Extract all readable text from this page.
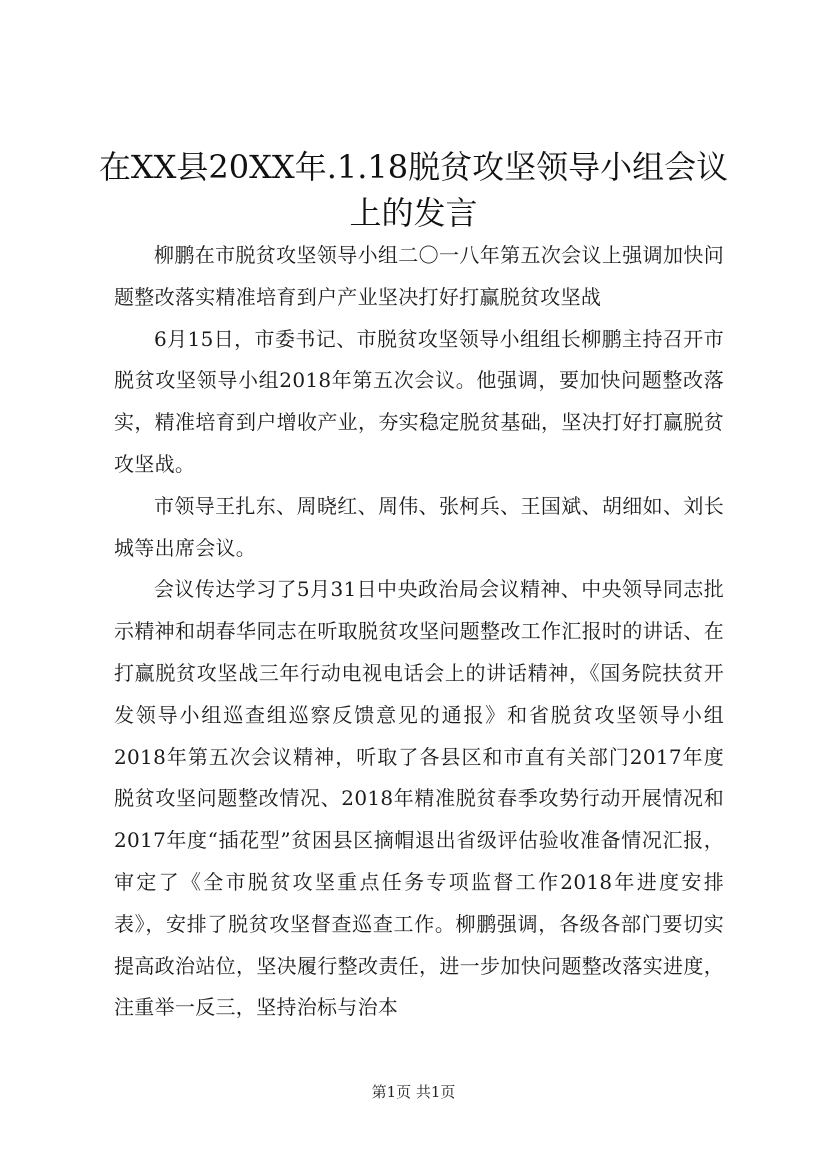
在XX县20XX年.1.18脱贫攻坚领导小组会议
上的发言

柳鹏在市脱贫攻坚领导小组二〇一八年第五次会议上强调加快问题整改落实精准培育到户产业坚决打好打赢脱贫攻坚战

6月15日，市委书记、市脱贫攻坚领导小组组长柳鹏主持召开市脱贫攻坚领导小组2018年第五次会议。他强调，要加快问题整改落实，精准培育到户增收产业，夯实稳定脱贫基础，坚决打好打赢脱贫攻坚战。

市领导王扎东、周晓红、周伟、张柯兵、王国斌、胡细如、刘长城等出席会议。

会议传达学习了5月31日中央政治局会议精神、中央领导同志批示精神和胡春华同志在听取脱贫攻坚问题整改工作汇报时的讲话、在打赢脱贫攻坚战三年行动电视电话会上的讲话精神，《国务院扶贫开发领导小组巡查组巡察反馈意见的通报》和省脱贫攻坚领导小组2018年第五次会议精神，听取了各县区和市直有关部门2017年度脱贫攻坚问题整改情况、2018年精准脱贫春季攻势行动开展情况和2017年度“插花型”贫困县区摘帽退出省级评估验收准备情况汇报，审定了《全市脱贫攻坚重点任务专项监督工作2018年进度安排表》，安排了脱贫攻坚督查巡查工作。柳鹏强调，各级各部门要切实提高政治站位，坚决履行整改责任，进一步加快问题整改落实进度，注重举一反三，坚持治标与治本

第1页 共1页
